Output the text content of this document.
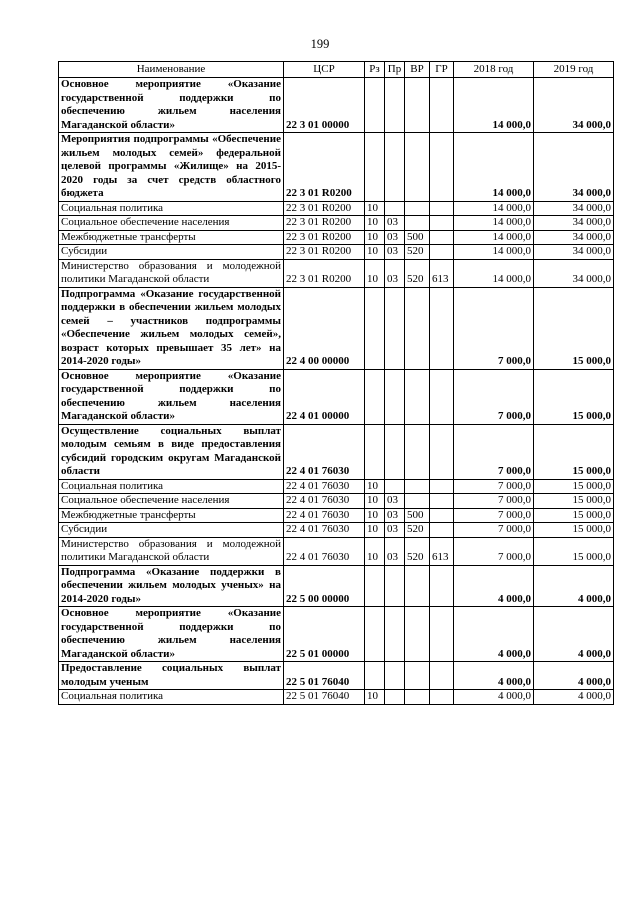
199
Наименование	ЦСР	Рз	Пр	ВР	ГР	2018 год	2019 год
Основное мероприятие «Оказание государственной поддержки по обеспечению жильем населения Магаданской области»	22 3 01 00000					14 000,0	34 000,0
Мероприятия подпрограммы «Обеспечение жильем молодых семей» федеральной целевой программы «Жилище» на 2015-2020 годы за счет средств областного бюджета	22 3 01 R0200					14 000,0	34 000,0
Социальная политика	22 3 01 R0200	10				14 000,0	34 000,0
Социальное обеспечение населения	22 3 01 R0200	10	03			14 000,0	34 000,0
Межбюджетные трансферты	22 3 01 R0200	10	03	500		14 000,0	34 000,0
Субсидии	22 3 01 R0200	10	03	520		14 000,0	34 000,0
Министерство образования и молодежной политики Магаданской области	22 3 01 R0200	10	03	520	613	14 000,0	34 000,0
Подпрограмма «Оказание государственной поддержки в обеспечении жильем молодых семей – участников подпрограммы «Обеспечение жильем молодых семей», возраст которых превышает 35 лет» на 2014-2020 годы»	22 4 00 00000					7 000,0	15 000,0
Основное мероприятие «Оказание государственной поддержки по обеспечению жильем населения Магаданской области»	22 4 01 00000					7 000,0	15 000,0
Осуществление социальных выплат молодым семьям в виде предоставления субсидий городским округам Магаданской области	22 4 01 76030					7 000,0	15 000,0
Социальная политика	22 4 01 76030	10				7 000,0	15 000,0
Социальное обеспечение населения	22 4 01 76030	10	03			7 000,0	15 000,0
Межбюджетные трансферты	22 4 01 76030	10	03	500		7 000,0	15 000,0
Субсидии	22 4 01 76030	10	03	520		7 000,0	15 000,0
Министерство образования и молодежной политики Магаданской области	22 4 01 76030	10	03	520	613	7 000,0	15 000,0
Подпрограмма «Оказание поддержки в обеспечении жильем молодых ученых» на 2014-2020 годы»	22 5 00 00000					4 000,0	4 000,0
Основное мероприятие «Оказание государственной поддержки по обеспечению жильем населения Магаданской области»	22 5 01 00000					4 000,0	4 000,0
Предоставление социальных выплат молодым ученым	22 5 01 76040					4 000,0	4 000,0
Социальная политика	22 5 01 76040	10				4 000,0	4 000,0
